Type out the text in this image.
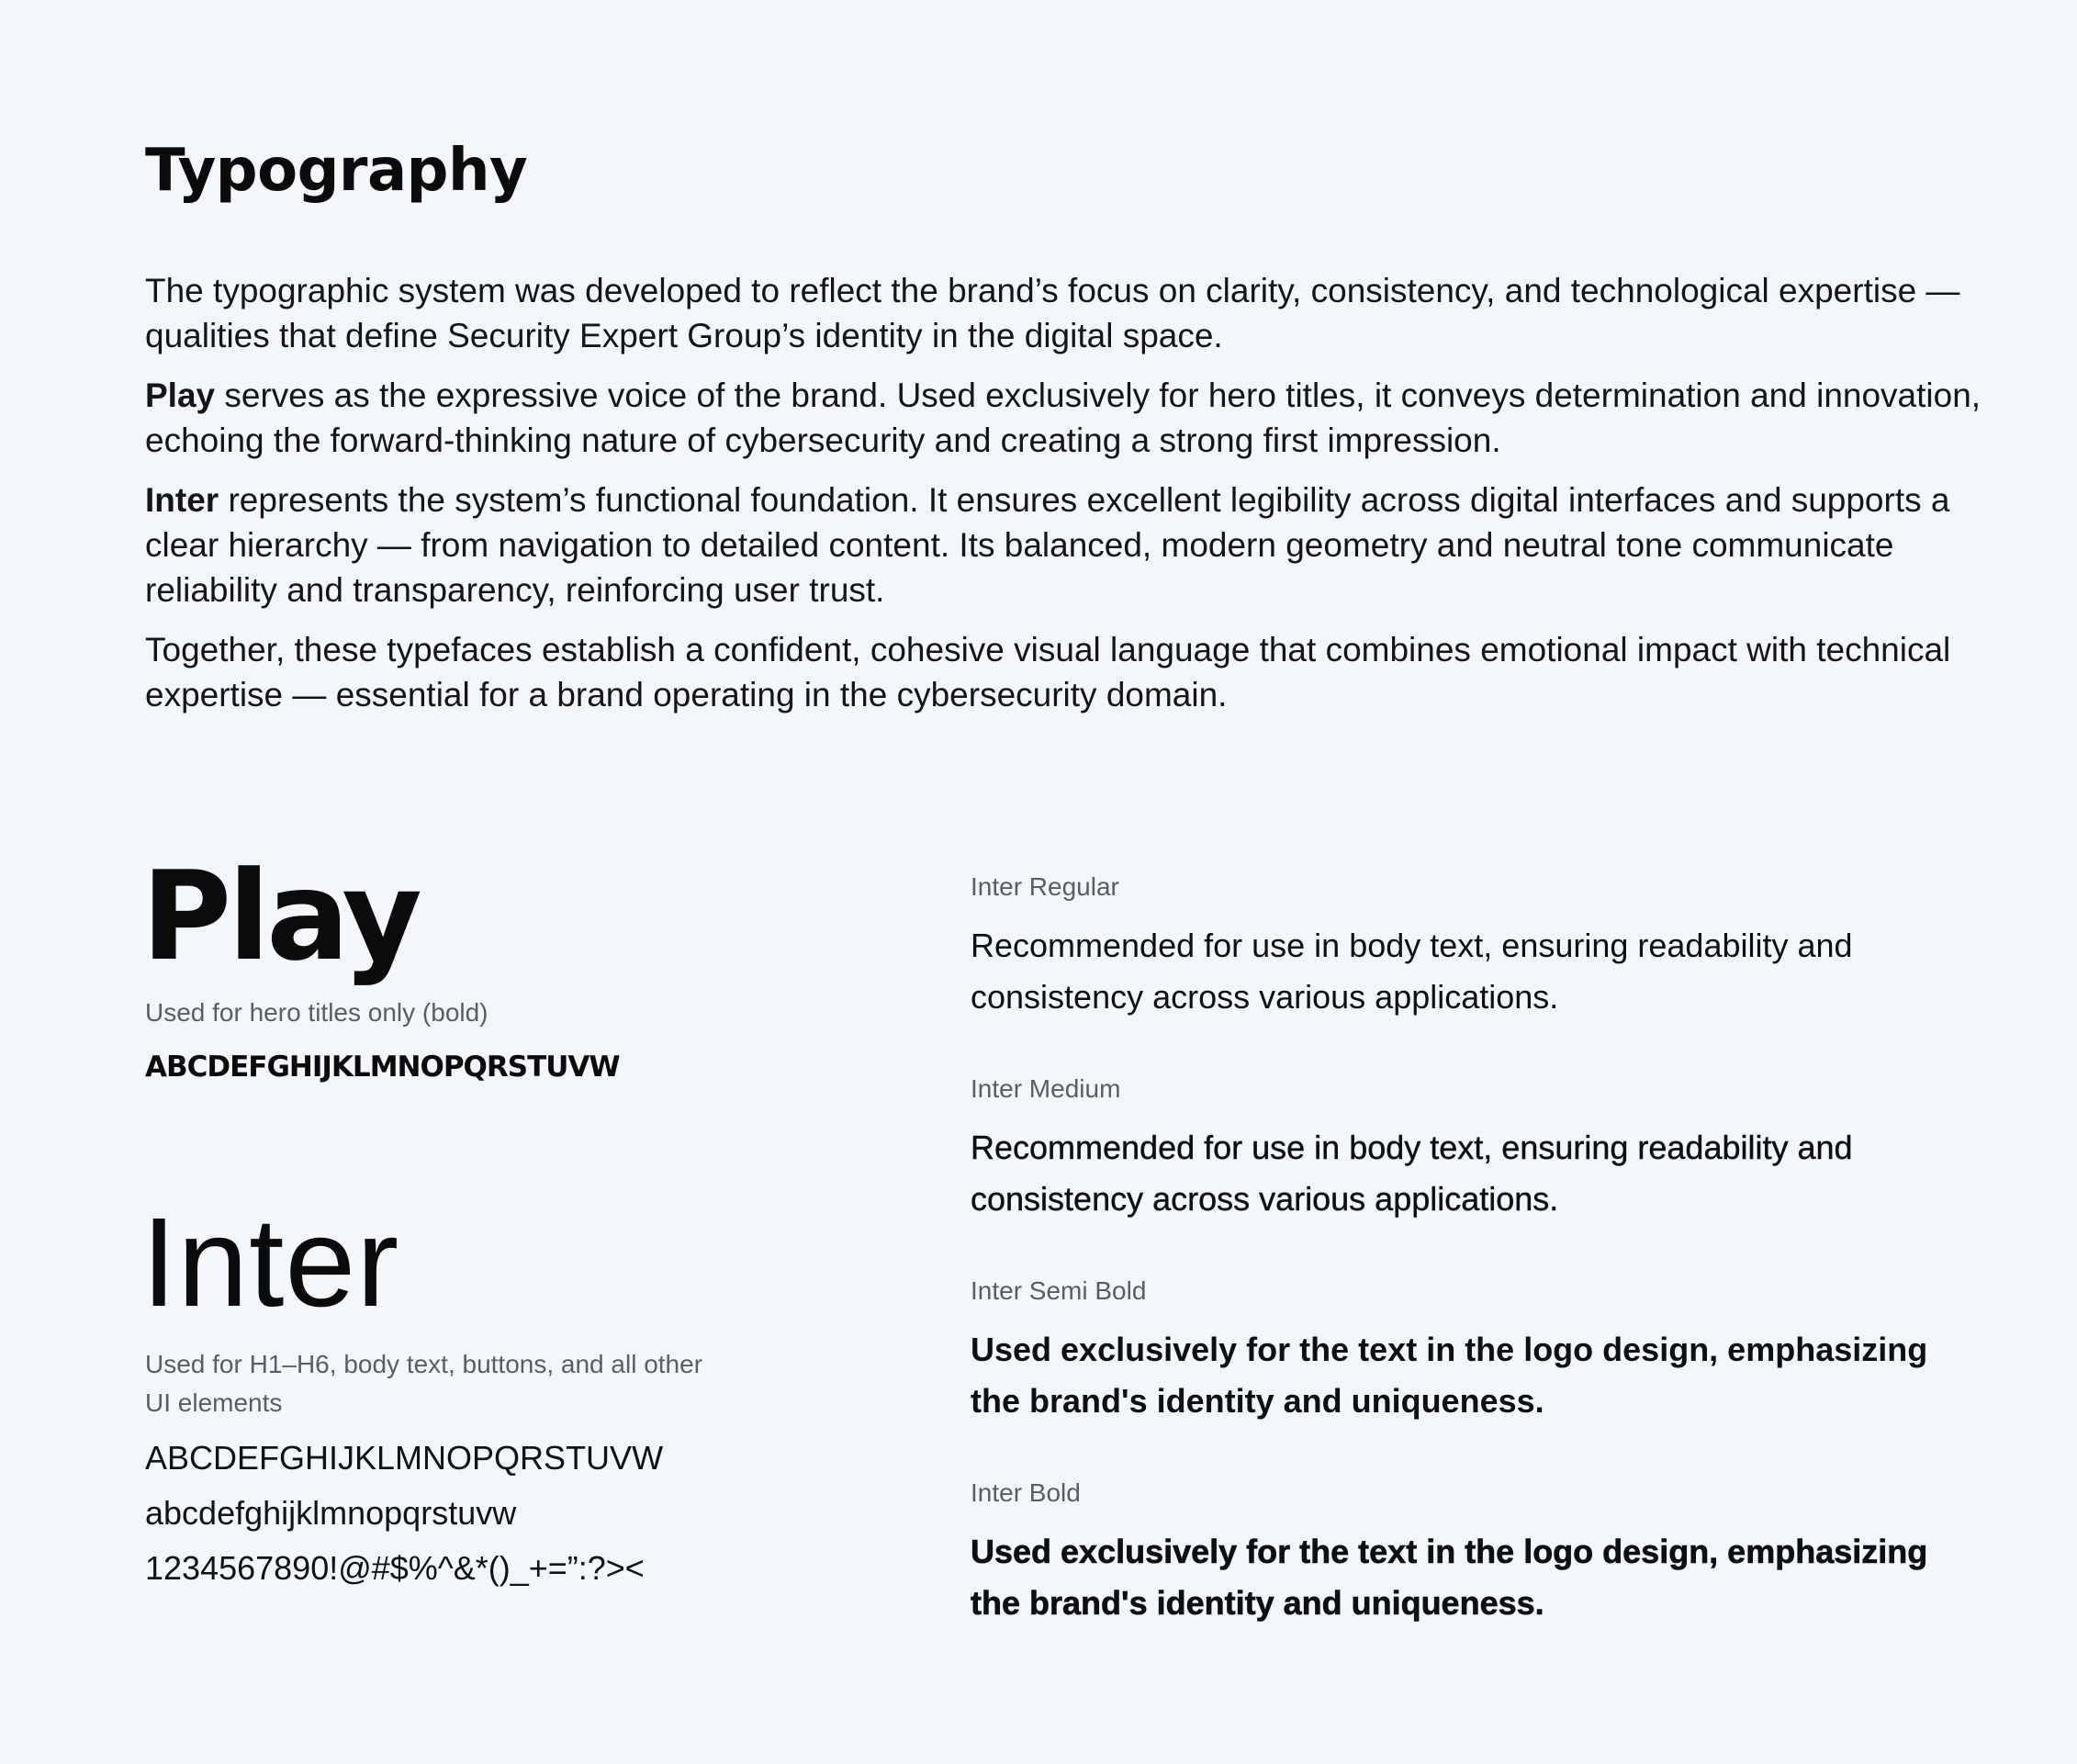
Typography

The typographic system was developed to reflect the brand’s focus on clarity, consistency, and technological expertise — qualities that define Security Expert Group’s identity in the digital space.

Play serves as the expressive voice of the brand. Used exclusively for hero titles, it conveys determination and innovation, echoing the forward-thinking nature of cybersecurity and creating a strong first impression.

Inter represents the system’s functional foundation. It ensures excellent legibility across digital interfaces and supports a clear hierarchy — from navigation to detailed content. Its balanced, modern geometry and neutral tone communicate reliability and transparency, reinforcing user trust.

Together, these typefaces establish a confident, cohesive visual language that combines emotional impact with technical expertise — essential for a brand operating in the cybersecurity domain.

Play
Used for hero titles only (bold)
ABCDEFGHIJKLMNOPQRSTUVW
Inter
Used for H1–H6, body text, buttons, and all other UI elements
ABCDEFGHIJKLMNOPQRSTUVW
abcdefghijklmnopqrstuvw
1234567890!@#$%^&*()_+=”:?><
Inter Regular
Recommended for use in body text, ensuring readability and consistency across various applications.
Inter Medium
Recommended for use in body text, ensuring readability and consistency across various applications.
Inter Semi Bold
Used exclusively for the text in the logo design, emphasizing the brand's identity and uniqueness.
Inter Bold
Used exclusively for the text in the logo design, emphasizing the brand's identity and uniqueness.
